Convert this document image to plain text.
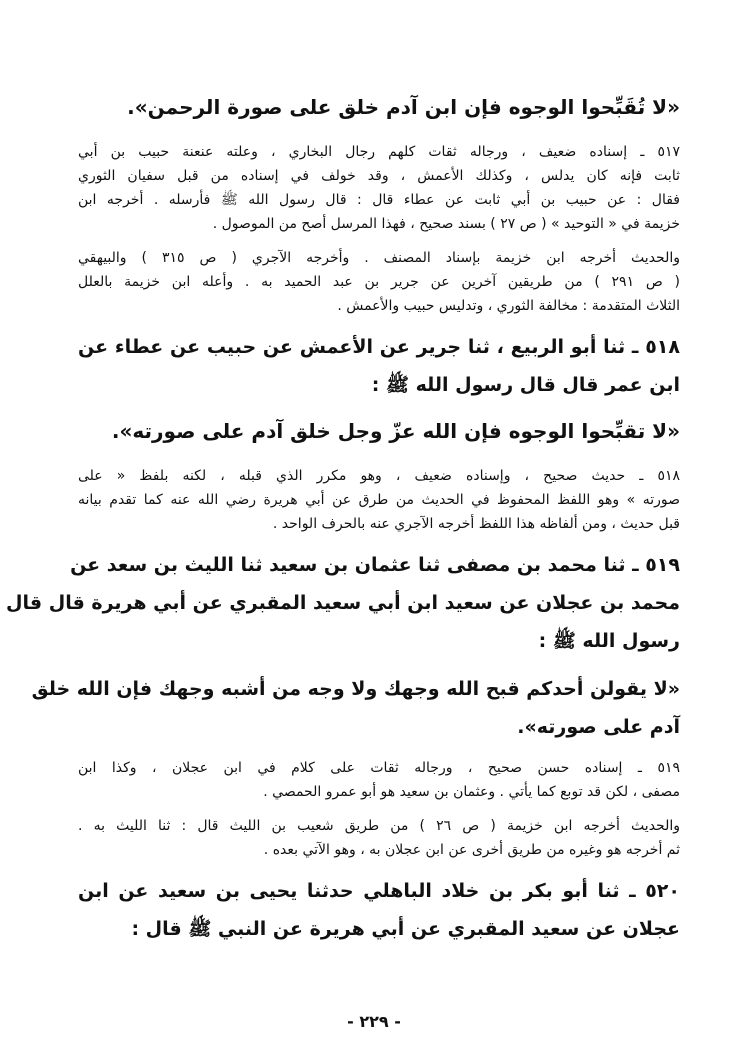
«لا تُقَبِّحوا الوجوه فإن ابن آدم خلق على صورة الرحمن».
٥١٧ ـ إسناده ضعيف ، ورجاله ثقات كلهم رجال البخاري ، وعلته عنعنة حبيب بن أبي
ثابت فإنه كان يدلس ، وكذلك الأعمش ، وقد خولف في إسناده من قبل سفيان الثوري
فقال : عن حبيب بن أبي ثابت عن عطاء قال : قال رسول الله ﷺ فأرسله . أخرجه ابن
خزيمة في « التوحيد » ( ص ٢٧ ) بسند صحيح ، فهذا المرسل أصح من الموصول .
والحديث أخرجه ابن خزيمة بإسناد المصنف . وأخرجه الآجري ( ص ٣١٥ ) والبيهقي
( ص ٢٩١ ) من طريقين آخرين عن جرير بن عبد الحميد به . وأعله ابن خزيمة بالعلل
الثلاث المتقدمة : مخالفة الثوري ، وتدليس حبيب والأعمش .
٥١٨ ـ ثنا أبو الربيع ، ثنا جرير عن الأعمش عن حبيب عن عطاء عن
ابن عمر قال قال رسول الله ﷺ :
«لا تقبِّحوا الوجوه فإن الله عزّ وجل خلق آدم على صورته».
٥١٨ ـ حديث صحيح ، وإسناده ضعيف ، وهو مكرر الذي قبله ، لكنه بلفظ « على
صورته » وهو اللفظ المحفوظ في الحديث من طرق عن أبي هريرة رضي الله عنه كما تقدم بيانه
قبل حديث ، ومن ألفاظه هذا اللفظ أخرجه الآجري عنه بالحرف الواحد .
٥١٩ ـ ثنا محمد بن مصفى ثنا عثمان بن سعيد ثنا الليث بن سعد عن
محمد بن عجلان عن سعيد ابن أبي سعيد المقبري عن أبي هريرة قال قال
رسول الله ﷺ :
«لا يقولن أحدكم قبح الله وجهك ولا وجه من أشبه وجهك فإن الله خلق
آدم على صورته».
٥١٩ ـ إسناده حسن صحيح ، ورجاله ثقات على كلام في ابن عجلان ، وكذا ابن
مصفى ، لكن قد توبع كما يأتي . وعثمان بن سعيد هو أبو عمرو الحمصي .
والحديث أخرجه ابن خزيمة ( ص ٢٦ ) من طريق شعيب بن الليث قال : ثنا الليث به .
ثم أخرجه هو وغيره من طريق أخرى عن ابن عجلان به ، وهو الآتي بعده .
٥٢٠ ـ ثنا أبو بكر بن خلاد الباهلي حدثنا يحيى بن سعيد عن ابن
عجلان عن سعيد المقبري عن أبي هريرة عن النبي ﷺ قال :
- ٢٢٩ -
